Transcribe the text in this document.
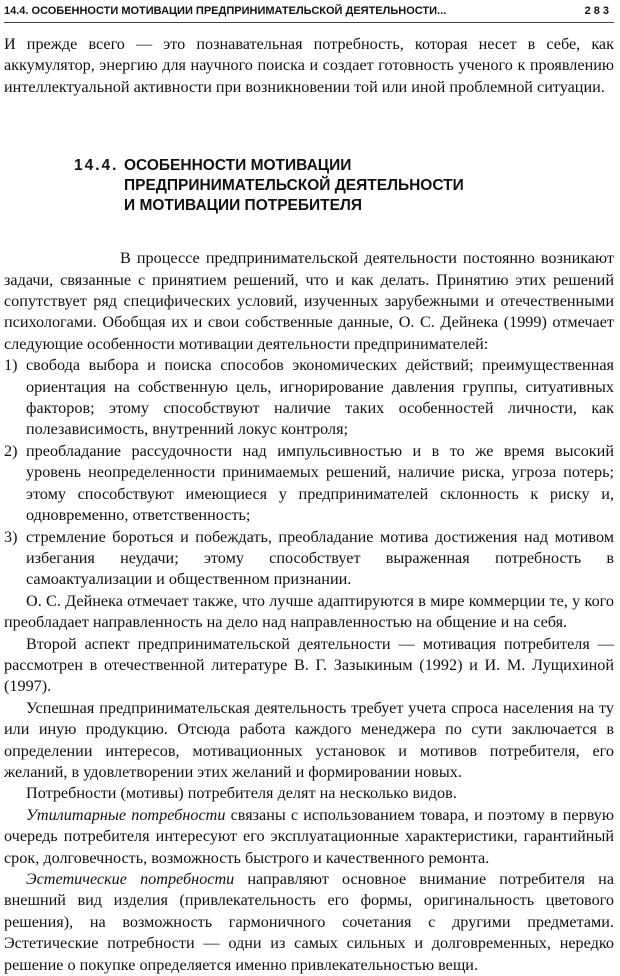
14.4. ОСОБЕННОСТИ МОТИВАЦИИ ПРЕДПРИНИМАТЕЛЬСКОЙ ДЕЯТЕЛЬНОСТИ...	283

И прежде всего — это познавательная потребность, которая несет в себе, как аккумулятор, энергию для научного поиска и создает готовность ученого к проявлению интеллектуальной активности при возникновении той или иной проблемной ситуации.

14.4. ОСОБЕННОСТИ МОТИВАЦИИ
ПРЕДПРИНИМАТЕЛЬСКОЙ ДЕЯТЕЛЬНОСТИ
И МОТИВАЦИИ ПОТРЕБИТЕЛЯ

В процессе предпринимательской деятельности постоянно возникают задачи, связанные с принятием решений, что и как делать. Принятию этих решений сопутствует ряд специфических условий, изученных зарубежными и отечественными психологами. Обобщая их и свои собственные данные, О. С. Дейнека (1999) отмечает следующие особенности мотивации деятельности предпринимателей:

1) свобода выбора и поиска способов экономических действий; преимущественная ориентация на собственную цель, игнорирование давления группы, ситуативных факторов; этому способствуют наличие таких особенностей личности, как полезависимость, внутренний локус контроля;
2) преобладание рассудочности над импульсивностью и в то же время высокий уровень неопределенности принимаемых решений, наличие риска, угроза потерь; этому способствуют имеющиеся у предпринимателей склонность к риску и, одновременно, ответственность;
3) стремление бороться и побеждать, преобладание мотива достижения над мотивом избегания неудачи; этому способствует выраженная потребность в самоактуализации и общественном признании.

О. С. Дейнека отмечает также, что лучше адаптируются в мире коммерции те, у кого преобладает направленность на дело над направленностью на общение и на себя.

Второй аспект предпринимательской деятельности — мотивация потребителя — рассмотрен в отечественной литературе В. Г. Зазыкиным (1992) и И. М. Лущихиной (1997).

Успешная предпринимательская деятельность требует учета спроса населения на ту или иную продукцию. Отсюда работа каждого менеджера по сути заключается в определении интересов, мотивационных установок и мотивов потребителя, его желаний, в удовлетворении этих желаний и формировании новых.

Потребности (мотивы) потребителя делят на несколько видов.

Утилитарные потребности связаны с использованием товара, и поэтому в первую очередь потребителя интересуют его эксплуатационные характеристики, гарантийный срок, долговечность, возможность быстрого и качественного ремонта.

Эстетические потребности направляют основное внимание потребителя на внешний вид изделия (привлекательность его формы, оригинальность цветового решения), на возможность гармоничного сочетания с другими предметами. Эстетические потребности — одни из самых сильных и долговременных, нередко решение о покупке определяется именно привлекательностью вещи.
